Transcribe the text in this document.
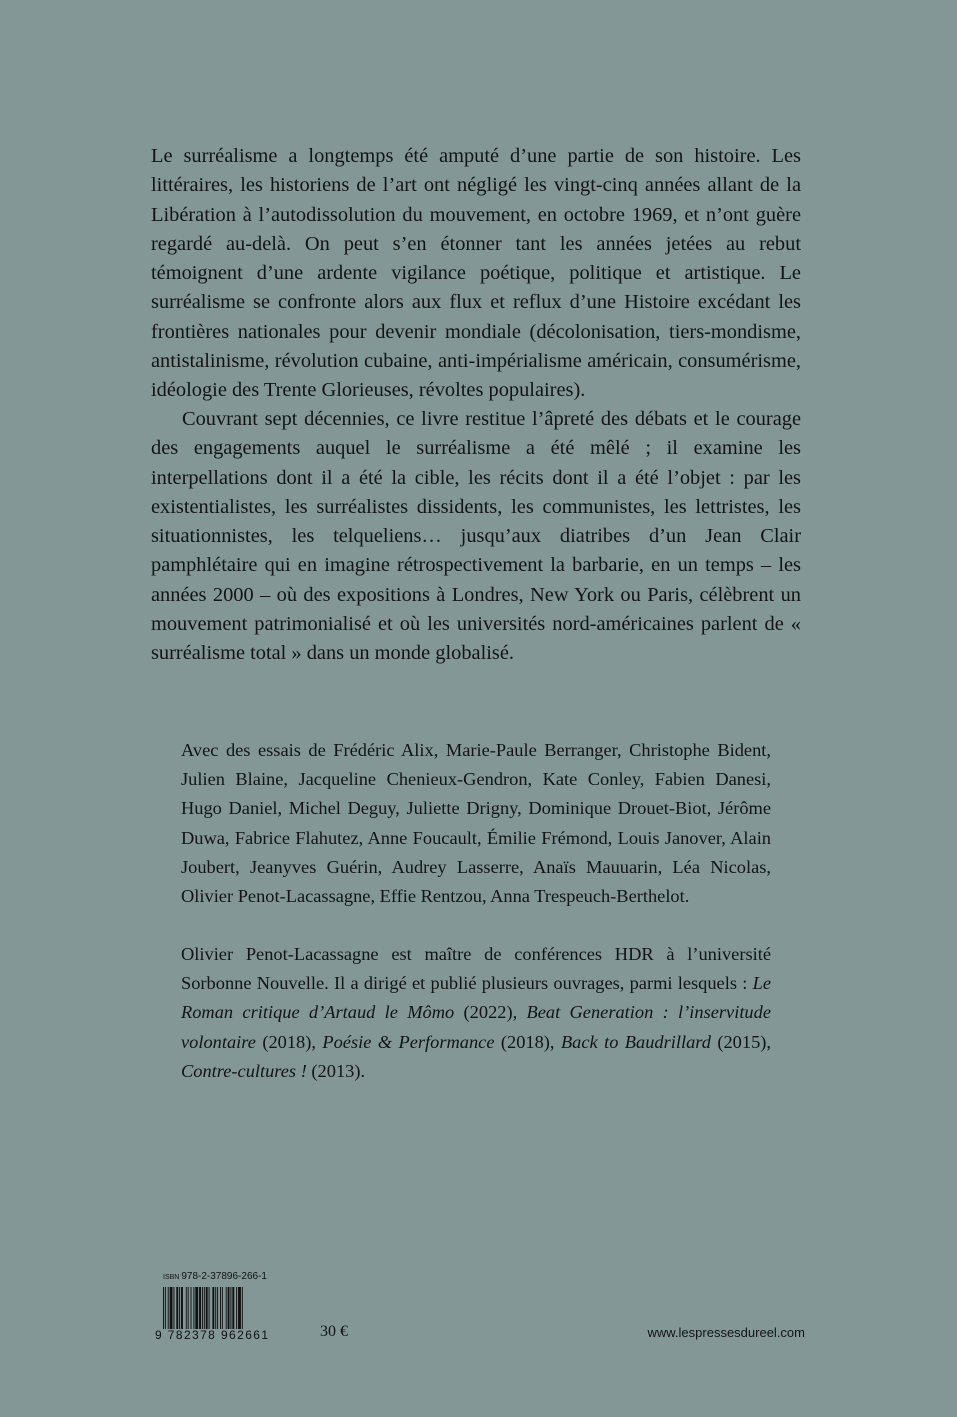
Le surréalisme a longtemps été amputé d’une partie de son histoire. Les littéraires, les historiens de l’art ont négligé les vingt-cinq années allant de la Libération à l’autodissolution du mouvement, en octobre 1969, et n’ont guère regardé au-delà. On peut s’en étonner tant les années jetées au rebut témoignent d’une ardente vigilance poétique, politique et artistique. Le surréalisme se confronte alors aux flux et reflux d’une Histoire excédant les frontières nationales pour devenir mondiale (décolonisation, tiers-mondisme, antistalinisme, révolution cubaine, anti-impérialisme américain, consumérisme, idéologie des Trente Glorieuses, révoltes populaires).

Couvrant sept décennies, ce livre restitue l’âpreté des débats et le courage des engagements auquel le surréalisme a été mêlé ; il examine les interpellations dont il a été la cible, les récits dont il a été l’objet : par les existentialistes, les surréalistes dissidents, les communistes, les lettristes, les situationnistes, les telqueliens… jusqu’aux diatribes d’un Jean Clair pamphlétaire qui en imagine rétrospectivement la barbarie, en un temps – les années 2000 – où des expositions à Londres, New York ou Paris, célèbrent un mouvement patrimonialisé et où les universités nord-américaines parlent de « surréalisme total » dans un monde globalisé.

Avec des essais de Frédéric Alix, Marie-Paule Berranger, Christophe Bident, Julien Blaine, Jacqueline Chenieux-Gendron, Kate Conley, Fabien Danesi, Hugo Daniel, Michel Deguy, Juliette Drigny, Dominique Drouet-Biot, Jérôme Duwa, Fabrice Flahutez, Anne Foucault, Émilie Frémond, Louis Janover, Alain Joubert, Jeanyves Guérin, Audrey Lasserre, Anaïs Mauuarin, Léa Nicolas, Olivier Penot-Lacassagne, Effie Rentzou, Anna Trespeuch-Berthelot.

Olivier Penot-Lacassagne est maître de conférences HDR à l’université Sorbonne Nouvelle. Il a dirigé et publié plusieurs ouvrages, parmi lesquels : Le Roman critique d’Artaud le Mômo (2022), Beat Generation : l’inservitude volontaire (2018), Poésie & Performance (2018), Back to Baudrillard (2015), Contre-cultures ! (2013).

ISBN 978-2-37896-266-1
9 782378 962661	30 €	www.lespressesdureel.com
